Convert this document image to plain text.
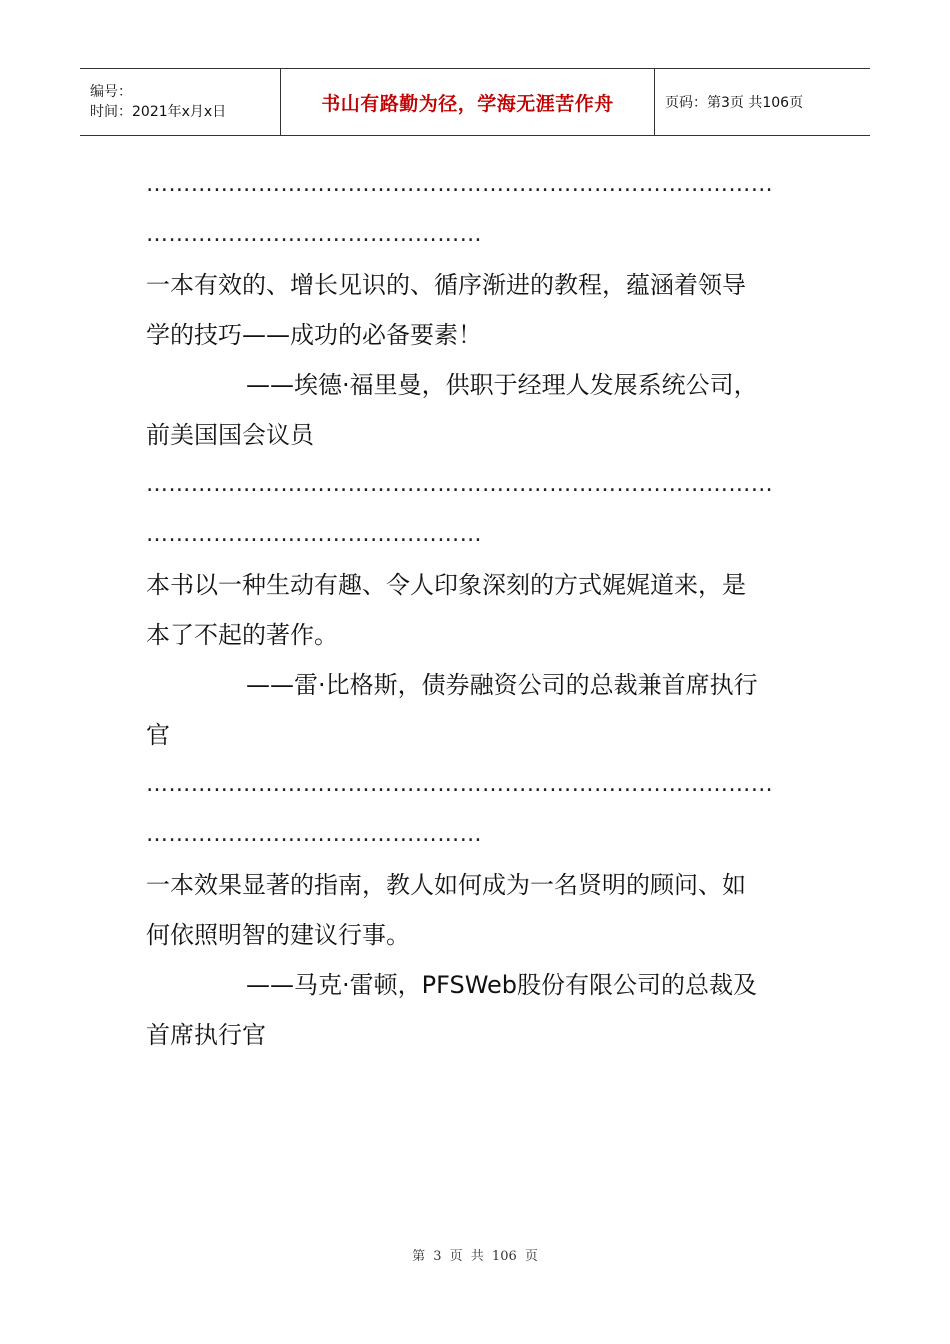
编号：
时间：2021年x月x日	书山有路勤为径，学海无涯苦作舟	页码：第3页 共106页
…………………………………………………………………………
………………………………………
一本有效的、增长见识的、循序渐进的教程，蕴涵着领导
学的技巧——成功的必备要素！
——埃德·福里曼，供职于经理人发展系统公司，
前美国国会议员
…………………………………………………………………………
………………………………………
本书以一种生动有趣、令人印象深刻的方式娓娓道来，是
本了不起的著作。
——雷·比格斯，债券融资公司的总裁兼首席执行
官
…………………………………………………………………………
………………………………………
一本效果显著的指南，教人如何成为一名贤明的顾问、如
何依照明智的建议行事。
——马克·雷顿，PFSWeb股份有限公司的总裁及
首席执行官
第 3 页 共 106 页
